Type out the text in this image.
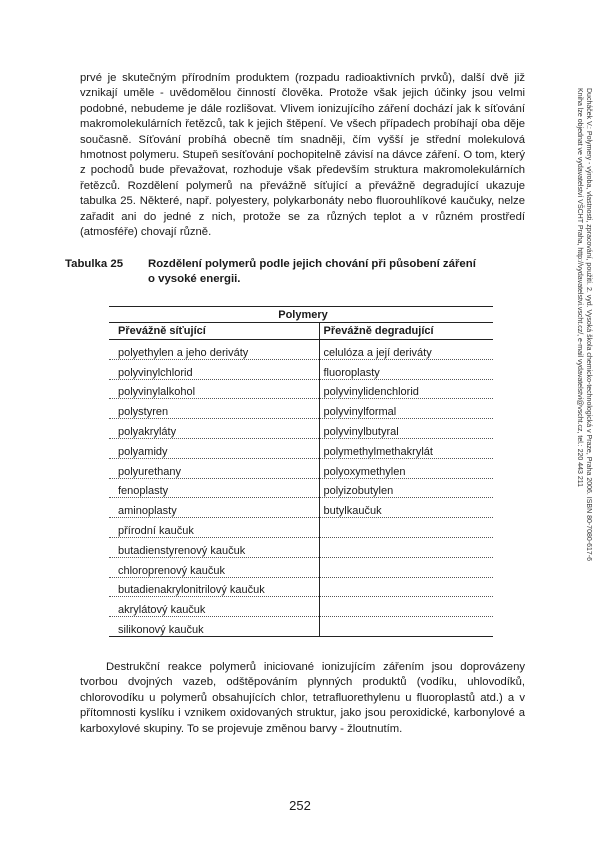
Ducháček V.: Polymery - výroba, vlastnosti, zpracování, použití. 2. vyd. Vysoká škola chemicko-technologická v Praze, Praha 2006. ISBN 80-7080-617-6
Kniha lze objednat ve vydavatelství VŠCHT Praha, http://vydavatelstvi.vscht.cz/, e-mail vydavatelstvi@vscht.cz, tel.: 220 443 211

prvé je skutečným přírodním produktem (rozpadu radioaktivních prvků), další dvě již vznikají uměle - uvědomělou činností člověka. Protože však jejich účinky jsou velmi podobné, nebudeme je dále rozlišovat. Vlivem ionizujícího záření dochází jak k síťování makromolekulárních řetězců, tak k jejich štěpení. Ve všech případech probíhají oba děje současně. Síťování probíhá obecně tím snadněji, čím vyšší je střední molekulová hmotnost polymeru. Stupeň sesíťování pochopitelně závisí na dávce záření. O tom, který z pochodů bude převažovat, rozhoduje však především struktura makromolekulárních řetězců. Rozdělení polymerů na převážně síťující a převážně degradující ukazuje tabulka 25. Některé, např. polyestery, polykarbonáty nebo fluorouhlíkové kaučuky, nelze zařadit ani do jedné z nich, protože se za různých teplot a v různém prostředí (atmosféře) chovají různě.

Tabulka 25 Rozdělení polymerů podle jejich chování při působení záření
o vysoké energii.
Polymery	
Převážně síťující	Převážně degradující
polyethylen a jeho deriváty	celulóza a její deriváty
polyvinylchlorid	fluoroplasty
polyvinylalkohol	polyvinylidenchlorid
polystyren	polyvinylformal
polyakryláty	polyvinylbutyral
polyamidy	polymethylmethakrylát
polyurethany	polyoxymethylen
fenoplasty	polyizobutylen
aminoplasty	butylkaučuk
přírodní kaučuk	
butadienstyrenový kaučuk	
chloroprenový kaučuk	
butadienakrylonitrilový kaučuk	
akrylátový kaučuk	
silikonový kaučuk	

Destrukční reakce polymerů iniciované ionizujícím zářením jsou doprovázeny tvorbou dvojných vazeb, odštěpováním plynných produktů (vodíku, uhlovodíků, chlorovodíku u polymerů obsahujících chlor, tetrafluorethylenu u fluoroplastů atd.) a v přítomnosti kyslíku i vznikem oxidovaných struktur, jako jsou peroxidické, karbonylové a karboxylové skupiny. To se projevuje změnou barvy - žloutnutím.

252
